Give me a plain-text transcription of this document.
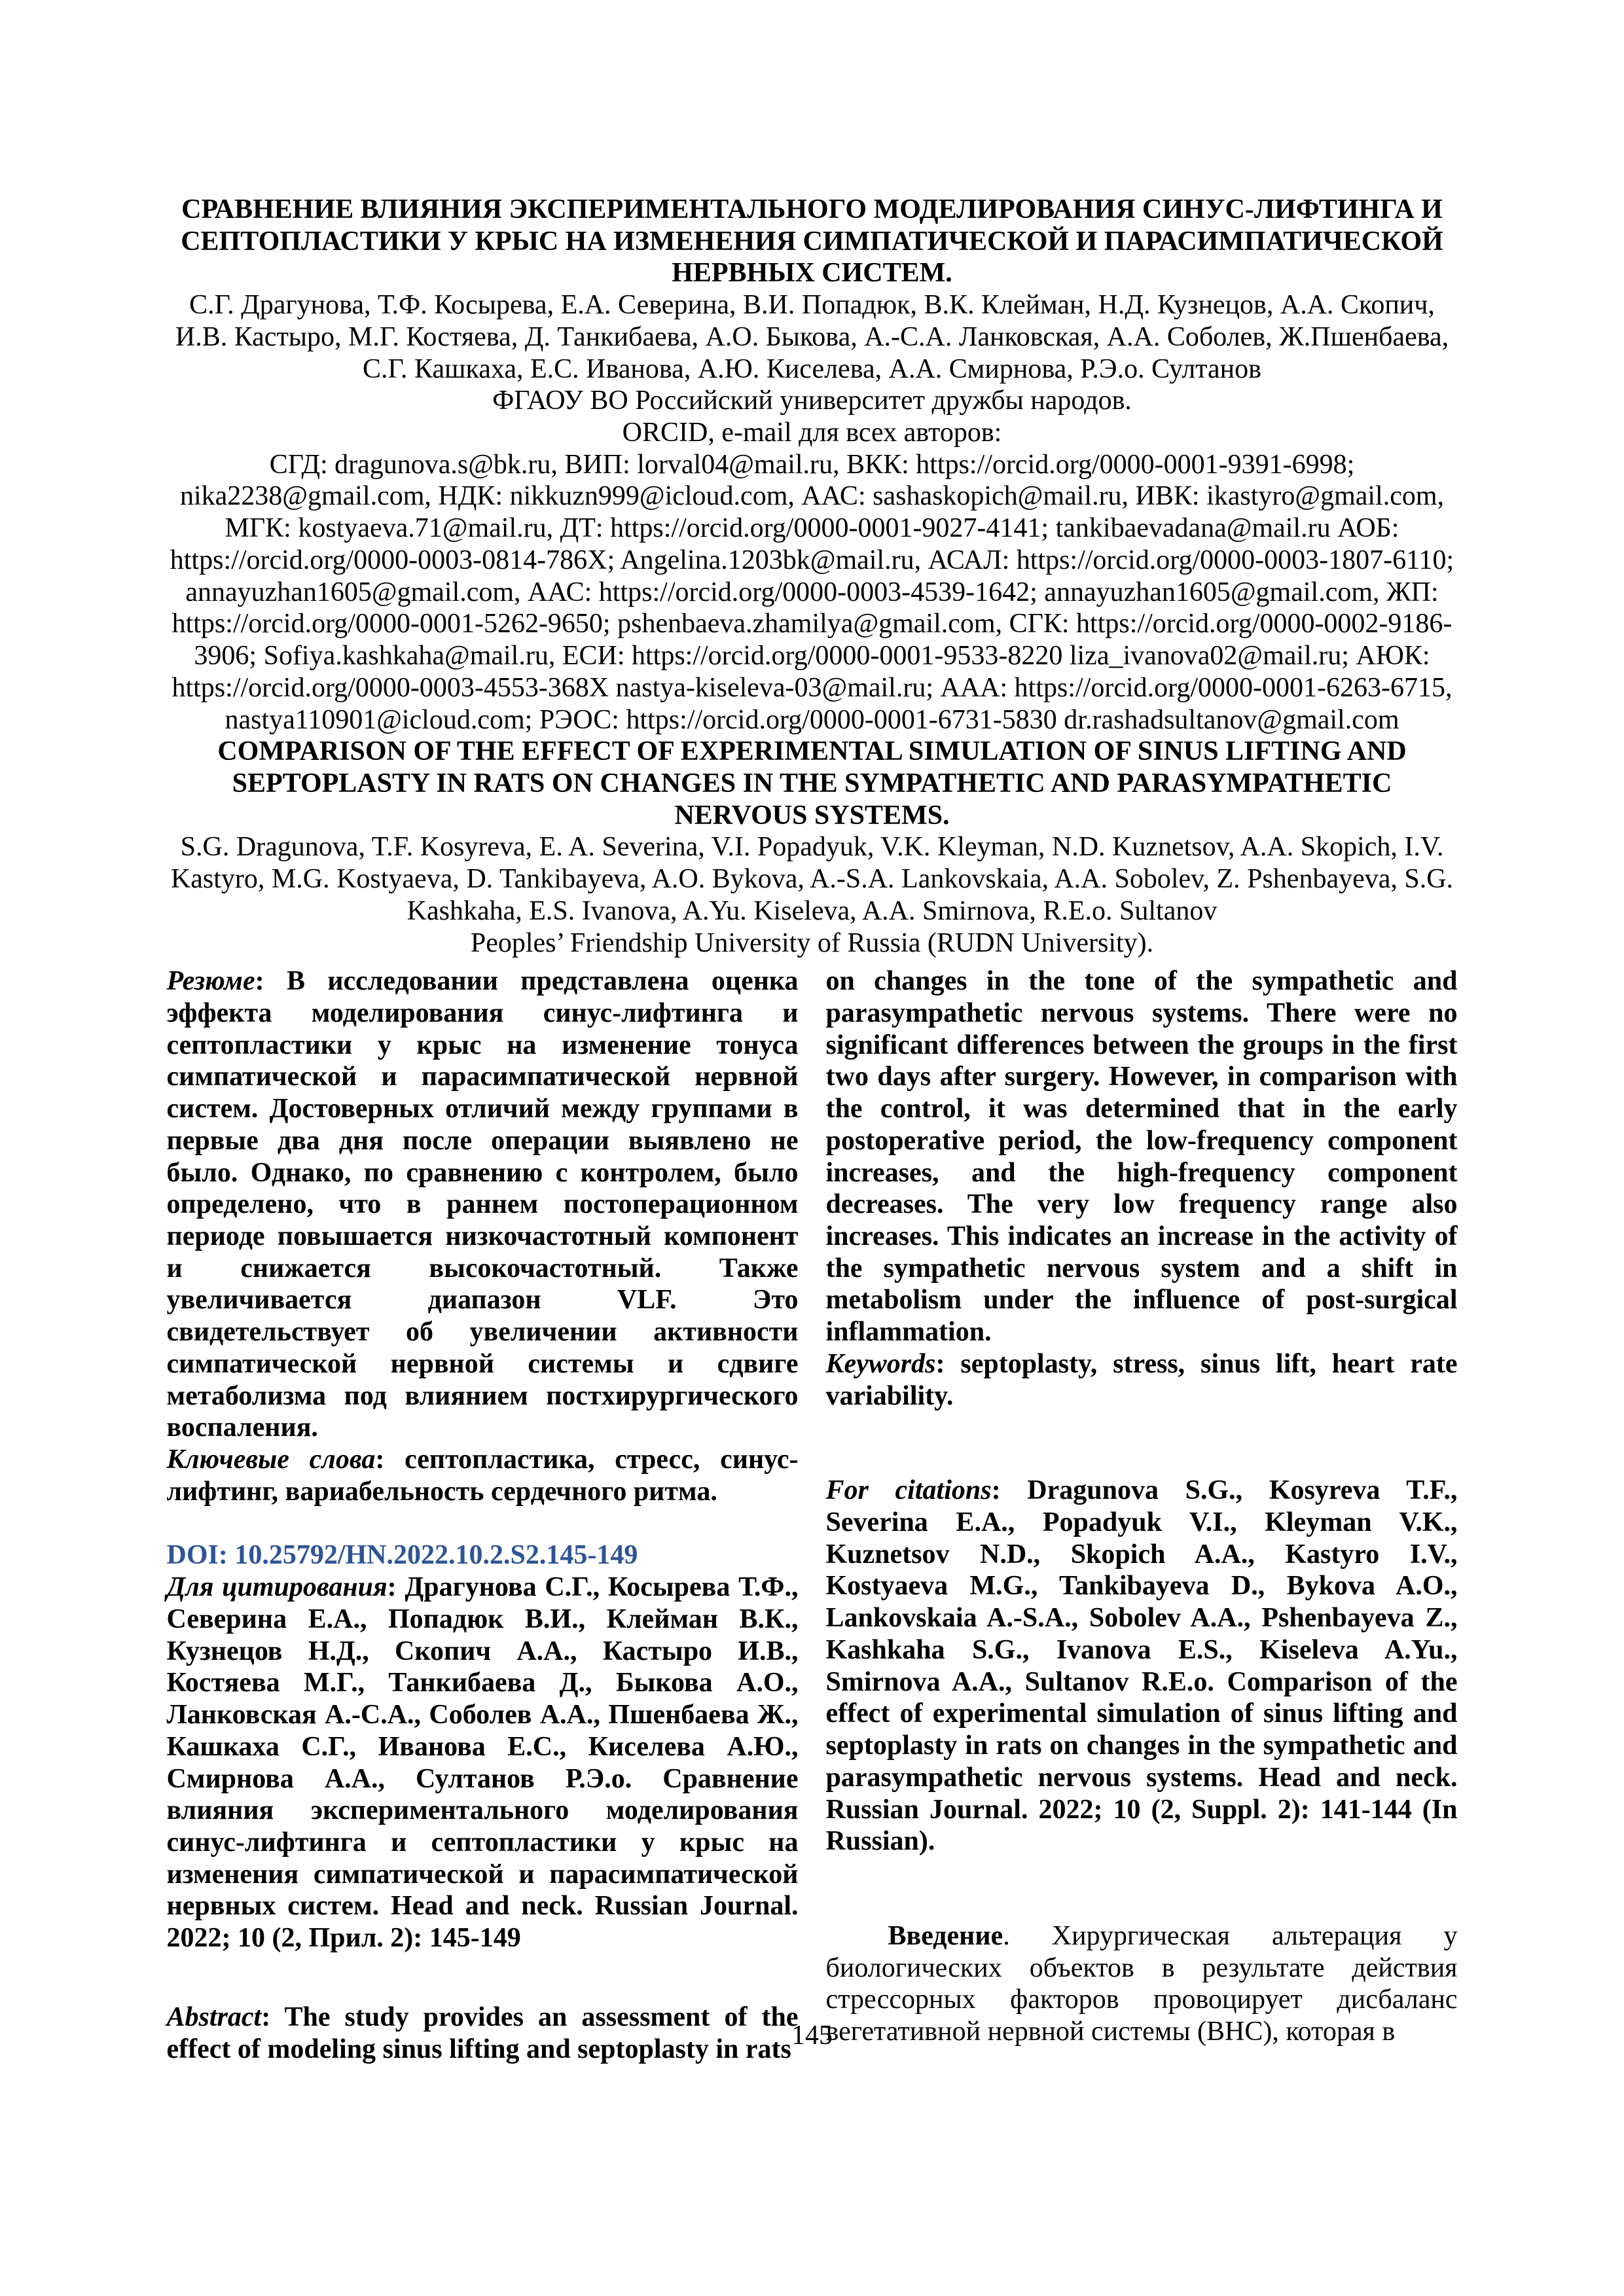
СРАВНЕНИЕ ВЛИЯНИЯ ЭКСПЕРИМЕНТАЛЬНОГО МОДЕЛИРОВАНИЯ СИНУС-ЛИФТИНГА И
СЕПТОПЛАСТИКИ У КРЫС НА ИЗМЕНЕНИЯ СИМПАТИЧЕСКОЙ И ПАРАСИМПАТИЧЕСКОЙ
НЕРВНЫХ СИСТЕМ.
С.Г. Драгунова, Т.Ф. Косырева, Е.А. Северина, В.И. Попадюк, В.К. Клейман, Н.Д. Кузнецов, А.А. Скопич,
И.В. Кастыро, М.Г. Костяева, Д. Танкибаева, А.О. Быкова, А.-С.А. Ланковская, А.А. Соболев, Ж.Пшенбаева,
С.Г. Кашкаха, Е.С. Иванова, А.Ю. Киселева, А.А. Смирнова, Р.Э.о. Султанов
ФГАОУ ВО Российский университет дружбы народов.
ORCID, e-mail для всех авторов:
СГД: dragunova.s@bk.ru, ВИП: lorval04@mail.ru, ВКК: https://orcid.org/0000-0001-9391-6998;
nika2238@gmail.com, НДК: nikkuzn999@icloud.com, ААС: sashaskopich@mail.ru, ИВК: ikastyro@gmail.com,
МГК: kostyaeva.71@mail.ru, ДТ: https://orcid.org/0000-0001-9027-4141; tankibaevadana@mail.ru АОБ:
https://orcid.org/0000-0003-0814-786X; Angelina.1203bk@mail.ru, АСАЛ: https://orcid.org/0000-0003-1807-6110;
annayuzhan1605@gmail.com, ААС: https://orcid.org/0000-0003-4539-1642; annayuzhan1605@gmail.com, ЖП:
https://orcid.org/0000-0001-5262-9650; pshenbaeva.zhamilya@gmail.com, СГК: https://orcid.org/0000-0002-9186-
3906; Sofiya.kashkaha@mail.ru, ЕСИ: https://orcid.org/0000-0001-9533-8220 liza_ivanova02@mail.ru; АЮК:
https://orcid.org/0000-0003-4553-368X nastya-kiseleva-03@mail.ru; ААА: https://orcid.org/0000-0001-6263-6715,
nastya110901@icloud.com; РЭОС: https://orcid.org/0000-0001-6731-5830 dr.rashadsultanov@gmail.com
COMPARISON OF THE EFFECT OF EXPERIMENTAL SIMULATION OF SINUS LIFTING AND
SEPTOPLASTY IN RATS ON CHANGES IN THE SYMPATHETIC AND PARASYMPATHETIC
NERVOUS SYSTEMS.
S.G. Dragunova, T.F. Kosyreva, E. A. Severina, V.I. Popadyuk, V.K. Kleyman, N.D. Kuznetsov, A.A. Skopich, I.V.
Kastyro, M.G. Kostyaeva, D. Tankibayeva, A.O. Bykova, A.-S.A. Lankovskaia, A.A. Sobolev, Z. Pshenbayeva, S.G.
Kashkaha, E.S. Ivanova, A.Yu. Kiseleva, A.A. Smirnova, R.E.o. Sultanov
Peoples’ Friendship University of Russia (RUDN University).

Резюме: В исследовании представлена оценка эффекта моделирования синус-лифтинга и септопластики у крыс на изменение тонуса симпатической и парасимпатической нервной систем. Достоверных отличий между группами в первые два дня после операции выявлено не было. Однако, по сравнению с контролем, было определено, что в раннем постоперационном периоде повышается низкочастотный компонент и снижается высокочастотный. Также увеличивается диапазон VLF. Это свидетельствует об увеличении активности симпатической нервной системы и сдвиге метаболизма под влиянием постхирургического воспаления.

Ключевые слова: септопластика, стресс, синус-лифтинг, вариабельность сердечного ритма.

DOI: 10.25792/HN.2022.10.2.S2.145-149

Для цитирования: Драгунова С.Г., Косырева Т.Ф., Северина Е.А., Попадюк В.И., Клейман В.К., Кузнецов Н.Д., Скопич А.А., Кастыро И.В., Костяева М.Г., Танкибаева Д., Быкова А.О., Ланковская А.-С.А., Соболев А.А., Пшенбаева Ж., Кашкаха С.Г., Иванова Е.С., Киселева А.Ю., Смирнова А.А., Султанов Р.Э.о. Сравнение влияния экспериментального моделирования синус-лифтинга и септопластики у крыс на изменения симпатической и парасимпатической нервных систем. Head and neck. Russian Journal. 2022; 10 (2, Прил. 2): 145-149

Abstract: The study provides an assessment of the effect of modeling sinus lifting and septoplasty in rats

on changes in the tone of the sympathetic and parasympathetic nervous systems. There were no significant differences between the groups in the first two days after surgery. However, in comparison with the control, it was determined that in the early postoperative period, the low-frequency component increases, and the high-frequency component decreases. The very low frequency range also increases. This indicates an increase in the activity of the sympathetic nervous system and a shift in metabolism under the influence of post-surgical inflammation.

Keywords: septoplasty, stress, sinus lift, heart rate variability.

For citations: Dragunova S.G., Kosyreva T.F., Severina E.A., Popadyuk V.I., Kleyman V.K., Kuznetsov N.D., Skopich A.A., Kastyro I.V., Kostyaeva M.G., Tankibayeva D., Bykova A.O., Lankovskaia A.-S.A., Sobolev A.A., Pshenbayeva Z., Kashkaha S.G., Ivanova E.S., Kiseleva A.Yu., Smirnova A.A., Sultanov R.E.o. Comparison of the effect of experimental simulation of sinus lifting and septoplasty in rats on changes in the sympathetic and parasympathetic nervous systems. Head and neck. Russian Journal. 2022; 10 (2, Suppl. 2): 141-144 (In Russian).

Введение. Хирургическая альтерация у биологических объектов в результате действия стрессорных факторов провоцирует дисбаланс вегетативной нервной системы (ВНС), которая в

145
